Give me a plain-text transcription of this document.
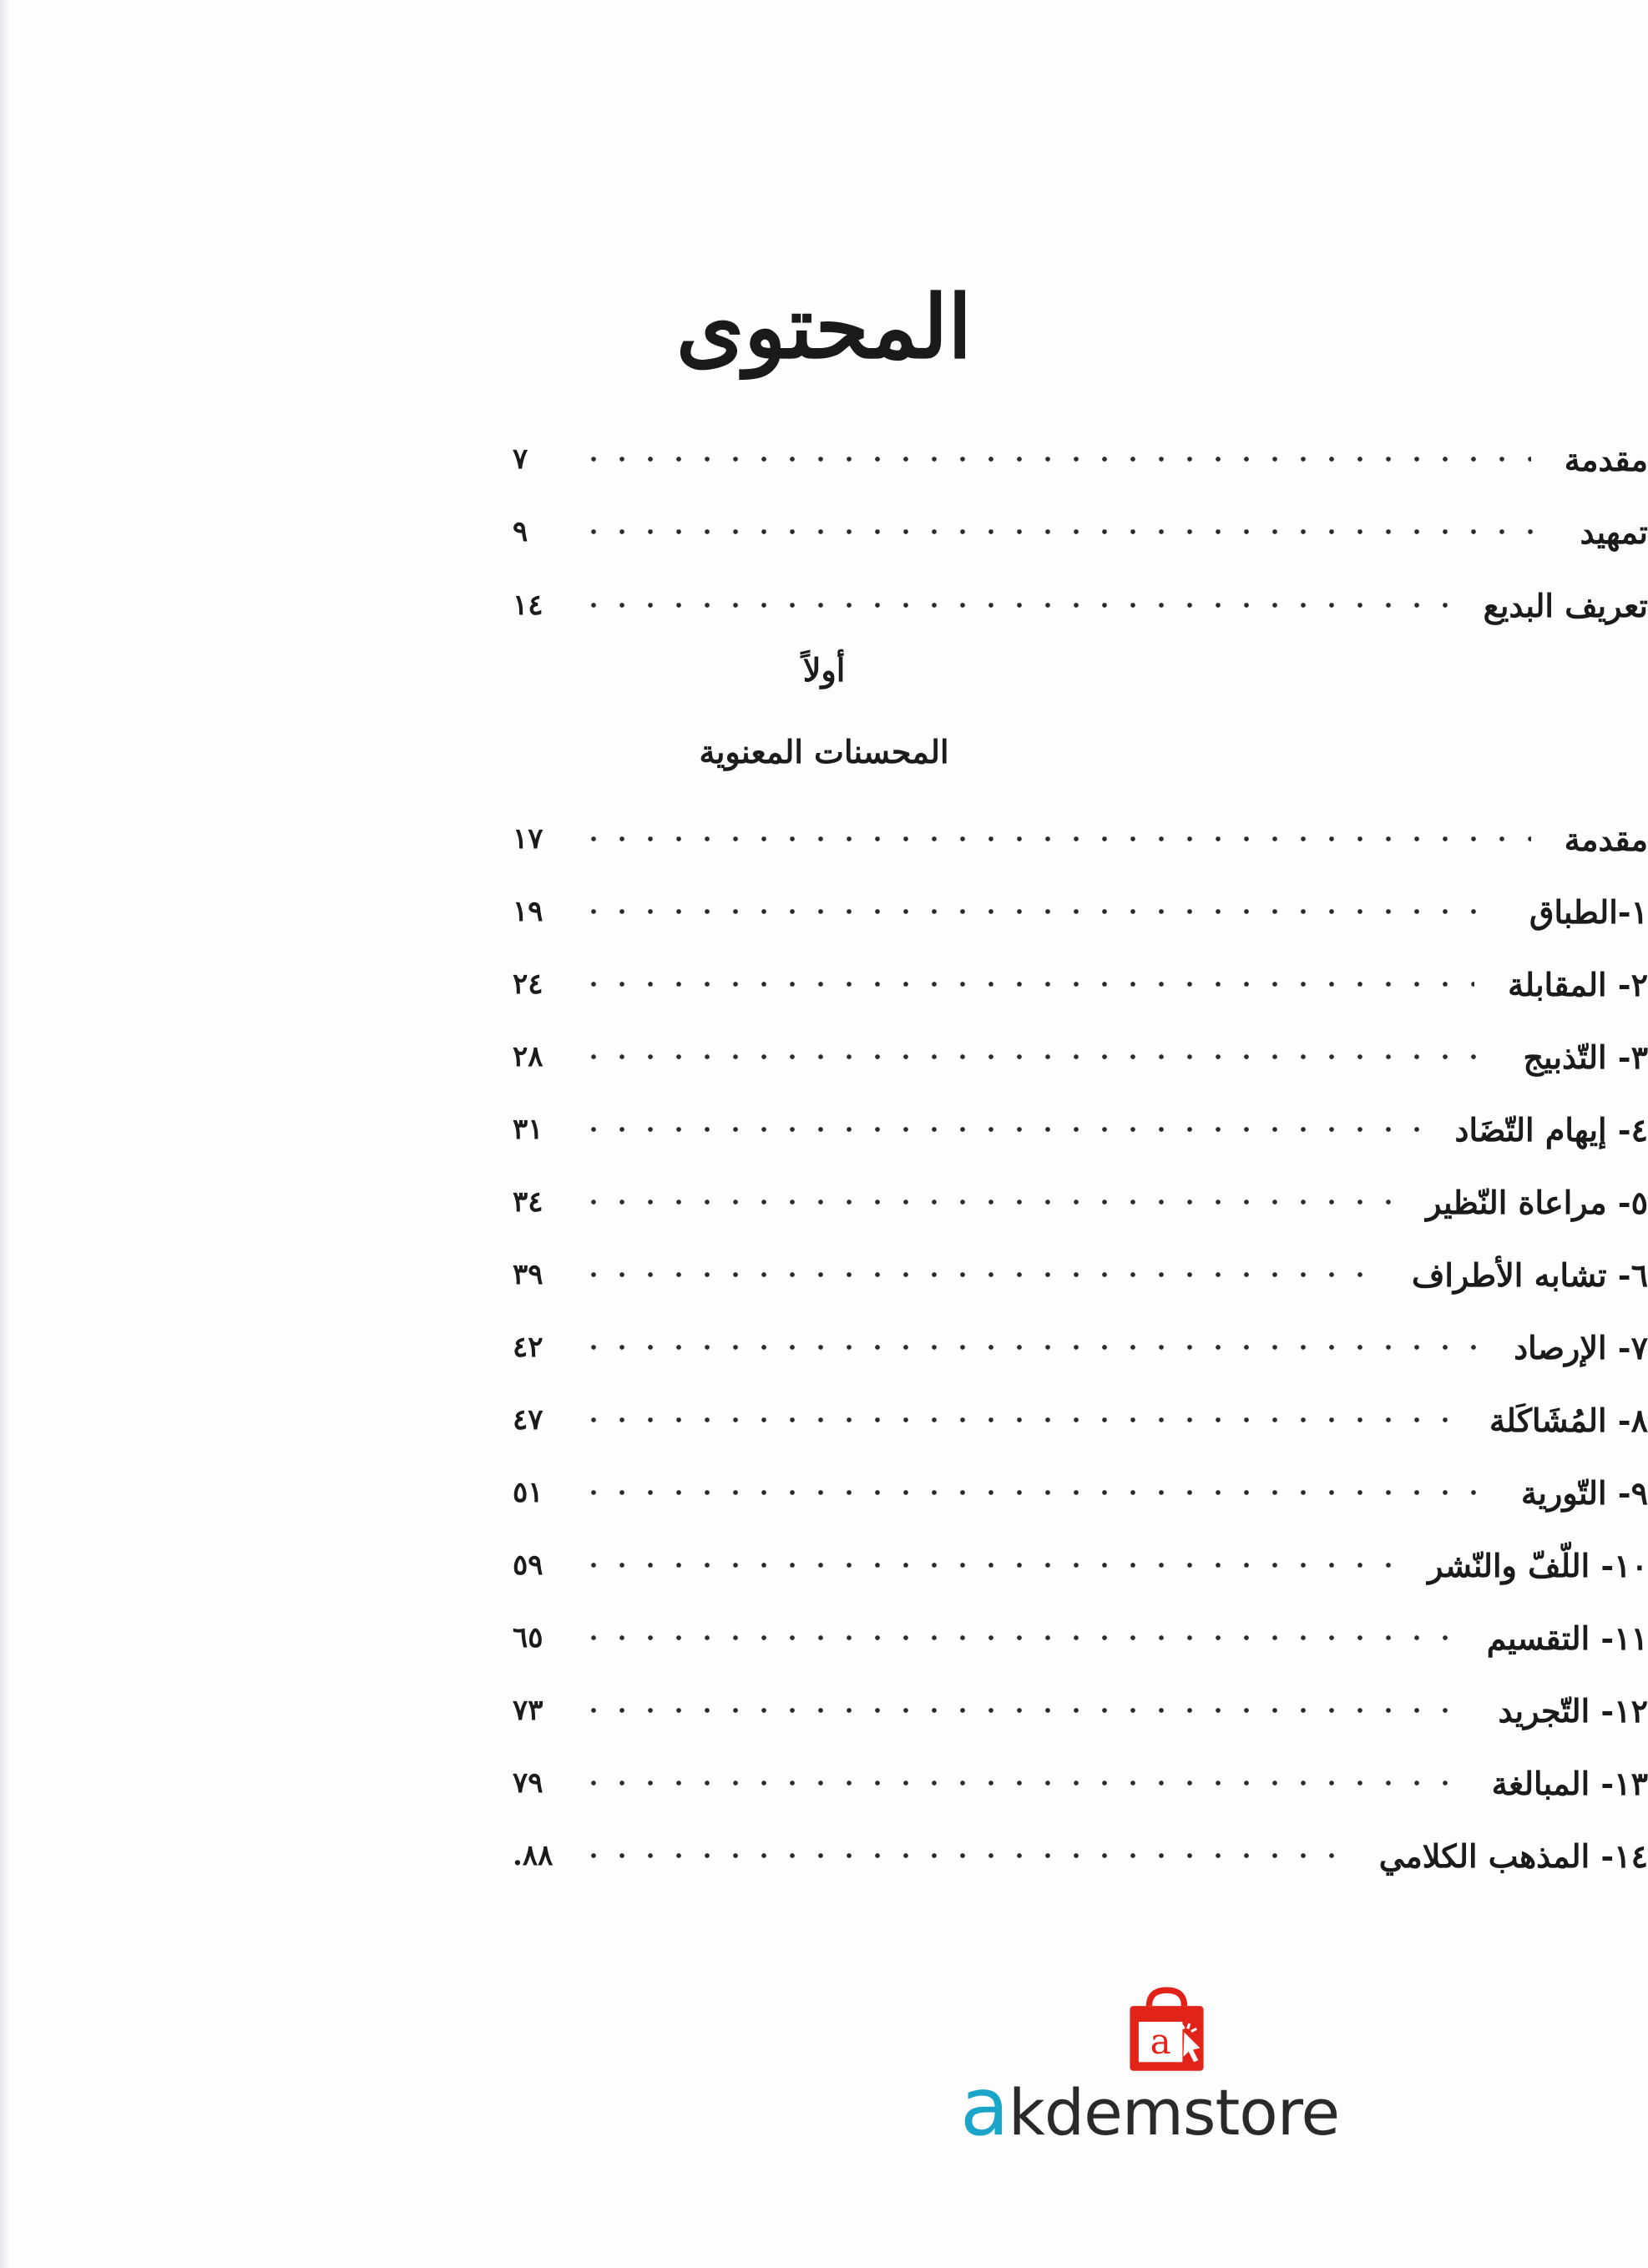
المحتوى
مقدمة
٧
تمهيد
٩
تعريف البديع
١٤
أولاً
المحسنات المعنوية
مقدمة
١٧
١-الطباق
١٩
٢- المقابلة
٢٤
٣- التّذبيج
٢٨
٤- إيهام التّضَاد
٣١
٥- مراعاة النّظير
٣٤
٦- تشابه الأطراف
٣٩
٧- الإرصاد
٤٢
٨- المُشَاكَلة
٤٧
٩- التّورية
٥١
١٠- اللّفّ والنّشر
٥٩
١١- التقسيم
٦٥
١٢- التّجريد
٧٣
١٣- المبالغة
٧٩
١٤- المذهب الكلامي
٨٨.
a
akdemstore
